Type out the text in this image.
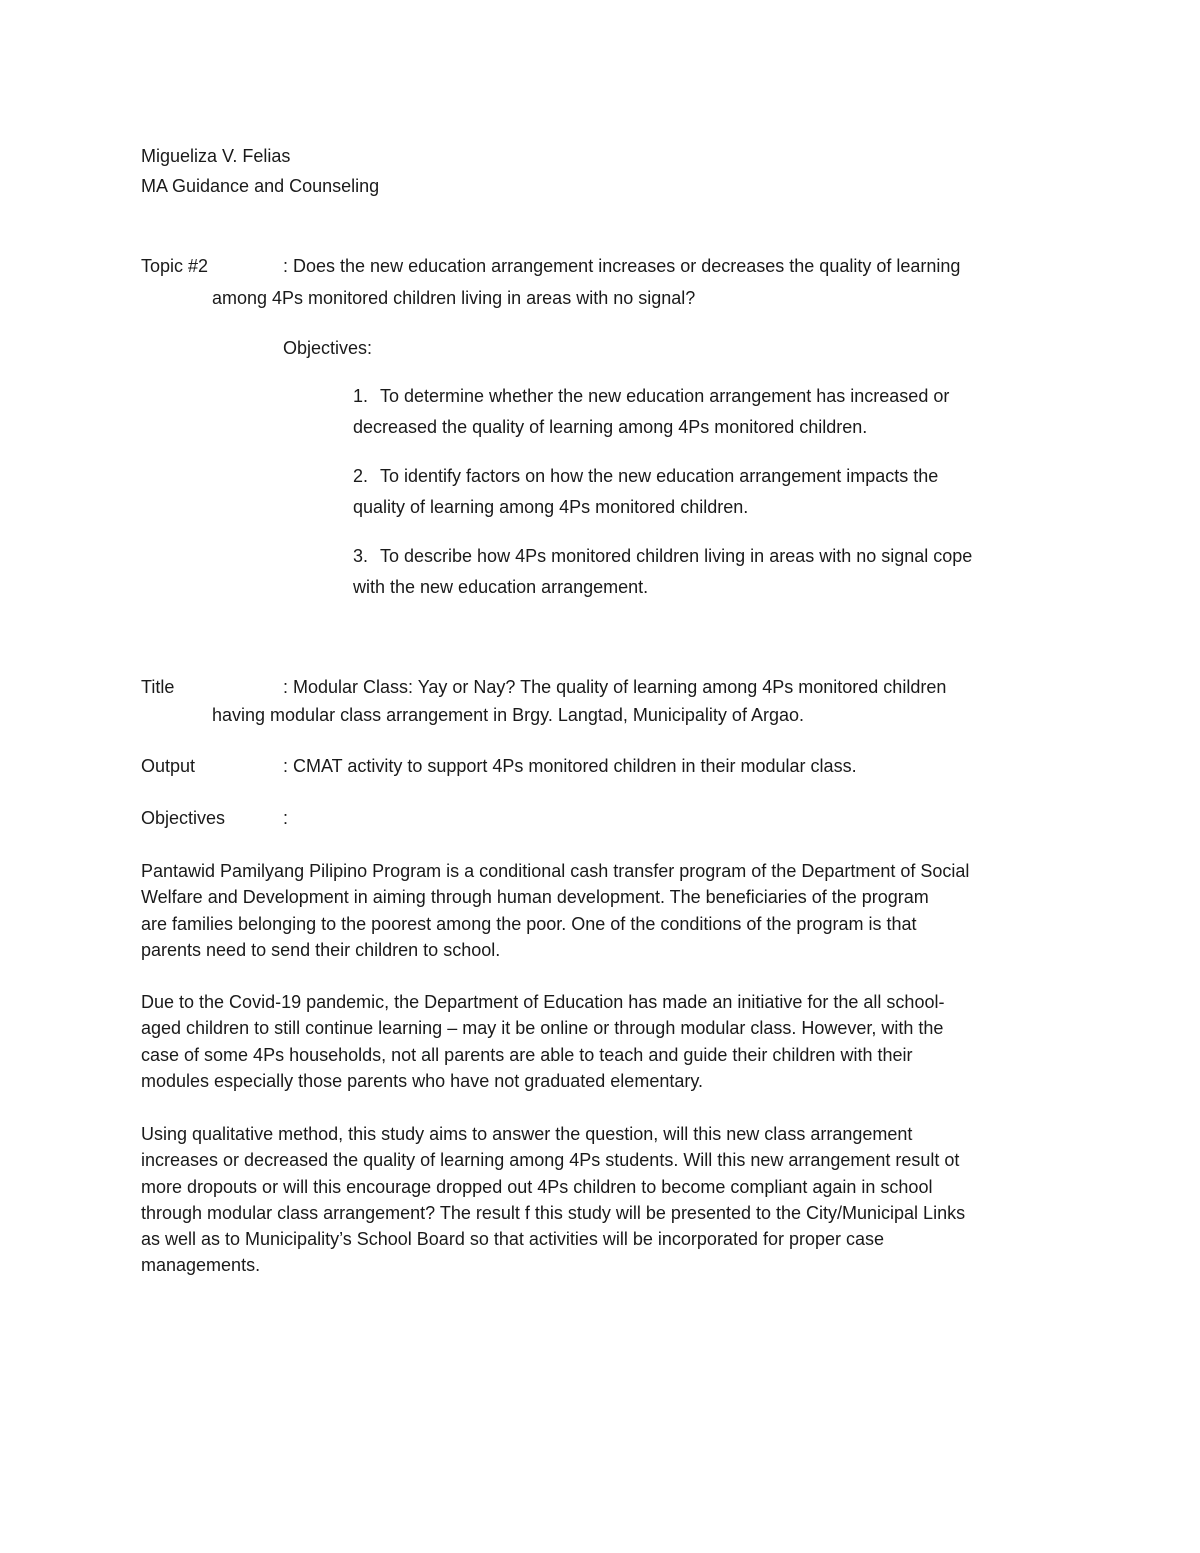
Migueliza V. Felias
MA Guidance and Counseling
Topic #2	: Does the new education arrangement increases or decreases the quality of learning
among 4Ps monitored children living in areas with no signal?
Objectives:
1. To determine whether the new education arrangement has increased or
decreased the quality of learning among 4Ps monitored children.
2. To identify factors on how the new education arrangement impacts the
quality of learning among 4Ps monitored children.
3. To describe how 4Ps monitored children living in areas with no signal cope
with the new education arrangement.
Title	: Modular Class: Yay or Nay? The quality of learning among 4Ps monitored children
having modular class arrangement in Brgy. Langtad, Municipality of Argao.
Output	: CMAT activity to support 4Ps monitored children in their modular class.
Objectives	:
Pantawid Pamilyang Pilipino Program is a conditional cash transfer program of the Department of Social
Welfare and Development in aiming through human development. The beneficiaries of the program
are families belonging to the poorest among the poor. One of the conditions of the program is that
parents need to send their children to school.
Due to the Covid-19 pandemic, the Department of Education has made an initiative for the all school-
aged children to still continue learning – may it be online or through modular class. However, with the
case of some 4Ps households, not all parents are able to teach and guide their children with their
modules especially those parents who have not graduated elementary.
Using qualitative method, this study aims to answer the question, will this new class arrangement
increases or decreased the quality of learning among 4Ps students. Will this new arrangement result ot
more dropouts or will this encourage dropped out 4Ps children to become compliant again in school
through modular class arrangement? The result f this study will be presented to the City/Municipal Links
as well as to Municipality’s School Board so that activities will be incorporated for proper case
managements.
